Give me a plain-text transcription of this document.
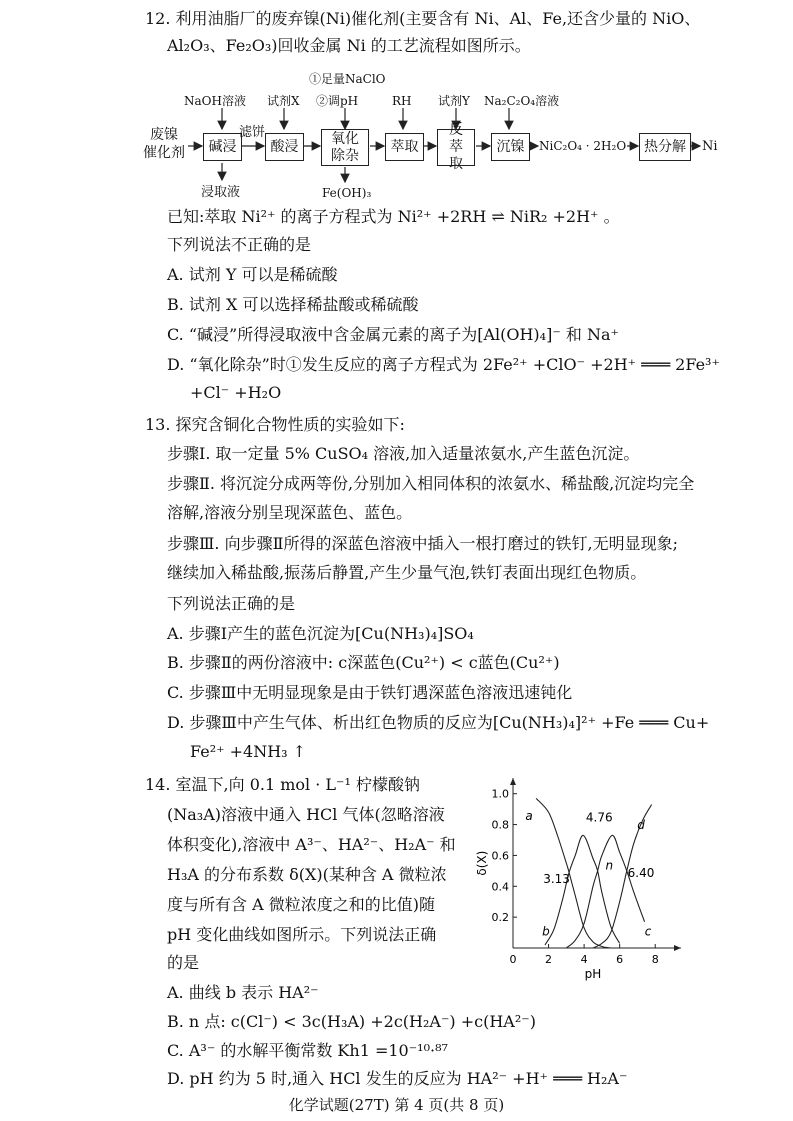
12. 利用油脂厂的废弃镍(Ni)催化剂(主要含有 Ni、Al、Fe,还含少量的 NiO、
Al₂O₃、Fe₂O₃)回收金属 Ni 的工艺流程如图所示。
废镍
催化剂	碱浸	酸浸	氧化除杂
萃取
反萃取
沉镍	热分解
NaOH溶液 试剂X
①足量NaClO
②调pH	RH 试剂Y Na₂C₂O₄溶液
滤饼
浸取液	Fe(OH)₃
NiC₂O₄ · 2H₂O	Ni
已知:萃取 Ni²⁺ 的离子方程式为 Ni²⁺ +2RH ⇌ NiR₂ +2H⁺ 。
下列说法不正确的是
A. 试剂 Y 可以是稀硫酸
B. 试剂 X 可以选择稀盐酸或稀硫酸
C. “碱浸”所得浸取液中含金属元素的离子为[Al(OH)₄]⁻ 和 Na⁺
D. “氧化除杂”时①发生反应的离子方程式为 2Fe²⁺ +ClO⁻ +2H⁺ ═══ 2Fe³⁺
+Cl⁻ +H₂O
13. 探究含铜化合物性质的实验如下:
步骤Ⅰ. 取一定量 5% CuSO₄ 溶液,加入适量浓氨水,产生蓝色沉淀。
步骤Ⅱ. 将沉淀分成两等份,分别加入相同体积的浓氨水、稀盐酸,沉淀均完全
溶解,溶液分别呈现深蓝色、蓝色。
步骤Ⅲ. 向步骤Ⅱ所得的深蓝色溶液中插入一根打磨过的铁钉,无明显现象;
继续加入稀盐酸,振荡后静置,产生少量气泡,铁钉表面出现红色物质。
下列说法正确的是
A. 步骤Ⅰ产生的蓝色沉淀为[Cu(NH₃)₄]SO₄
B. 步骤Ⅱ的两份溶液中: c深蓝色(Cu²⁺) < c蓝色(Cu²⁺)
C. 步骤Ⅲ中无明显现象是由于铁钉遇深蓝色溶液迅速钝化
D. 步骤Ⅲ中产生气体、析出红色物质的反应为[Cu(NH₃)₄]²⁺ +Fe ═══ Cu+
Fe²⁺ +4NH₃ ↑
14. 室温下,向 0.1 mol · L⁻¹ 柠檬酸钠
(Na₃A)溶液中通入 HCl 气体(忽略溶液
体积变化),溶液中 A³⁻、HA²⁻、H₂A⁻ 和
H₃A 的分布系数 δ(X)(某种含 A 微粒浓
度与所有含 A 微粒浓度之和的比值)随
pH 变化曲线如图所示。下列说法正确
的是	0	2	4	6	8
0.2
0.4
0.6
0.8
1.0
pH
δ(X)
a
b
d
c
3.13
4.76
6.40
n
A. 曲线 b 表示 HA²⁻
B. n 点: c(Cl⁻) < 3c(H₃A) +2c(H₂A⁻) +c(HA²⁻)
C. A³⁻ 的水解平衡常数 Kh1 =10⁻¹⁰·⁸⁷
D. pH 约为 5 时,通入 HCl 发生的反应为 HA²⁻ +H⁺ ═══ H₂A⁻
化学试题(27T) 第 4 页(共 8 页)
